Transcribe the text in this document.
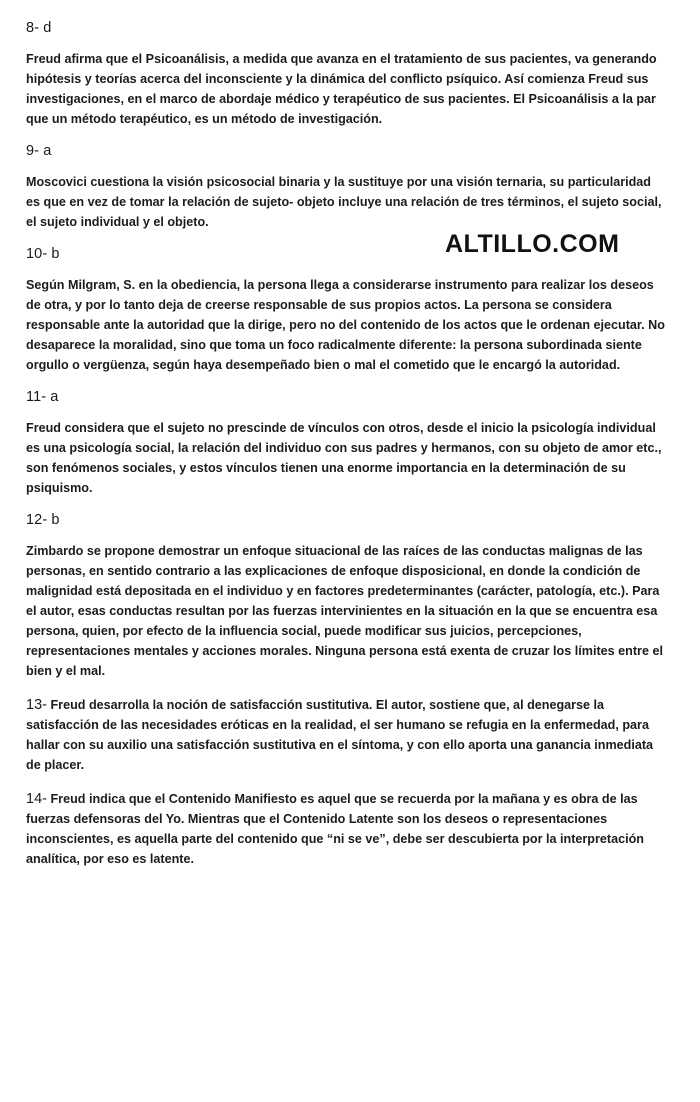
8- d

Freud afirma que el Psicoanálisis, a medida que avanza en el tratamiento de sus pacientes, va generando hipótesis y teorías acerca del inconsciente y la dinámica del conflicto psíquico. Así comienza Freud sus investigaciones, en el marco de abordaje médico y terapéutico de sus pacientes. El Psicoanálisis a la par que un método terapéutico, es un método de investigación.

9- a

Moscovici cuestiona la visión psicosocial binaria y la sustituye por una visión ternaria, su particularidad es que en vez de tomar la relación de sujeto- objeto incluye una relación de tres términos, el sujeto social, el sujeto individual y el objeto.

10- b

Según Milgram, S. en la obediencia, la persona llega a considerarse instrumento para realizar los deseos de otra, y por lo tanto deja de creerse responsable de sus propios actos. La persona se considera responsable ante la autoridad que la dirige, pero no del contenido de los actos que le ordenan ejecutar. No desaparece la moralidad, sino que toma un foco radicalmente diferente: la persona subordinada siente orgullo o vergüenza, según haya desempeñado bien o mal el cometido que le encargó la autoridad.

11- a

Freud considera que el sujeto no prescinde de vínculos con otros, desde el inicio la psicología individual es una psicología social, la relación del individuo con sus padres y hermanos, con su objeto de amor etc., son fenómenos sociales, y estos vínculos tienen una enorme importancia en la determinación de su psiquismo.

12- b

Zimbardo se propone demostrar un enfoque situacional de las raíces de las conductas malignas de las personas, en sentido contrario a las explicaciones de enfoque disposicional, en donde la condición de malignidad está depositada en el individuo y en factores predeterminantes (carácter, patología, etc.). Para el autor, esas conductas resultan por las fuerzas intervinientes en la situación en la que se encuentra esa persona, quien, por efecto de la influencia social, puede modificar sus juicios, percepciones, representaciones mentales y acciones morales. Ninguna persona está exenta de cruzar los límites entre el bien y el mal.

13- Freud desarrolla la noción de satisfacción sustitutiva. El autor, sostiene que, al denegarse la satisfacción de las necesidades eróticas en la realidad, el ser humano se refugia en la enfermedad, para hallar con su auxilio una satisfacción sustitutiva en el síntoma, y con ello aporta una ganancia inmediata de placer.

14- Freud indica que el Contenido Manifiesto es aquel que se recuerda por la mañana y es obra de las fuerzas defensoras del Yo. Mientras que el Contenido Latente son los deseos o representaciones inconscientes, es aquella parte del contenido que “ni se ve”, debe ser descubierta por la interpretación analítica, por eso es latente.

ALTILLO.COM
